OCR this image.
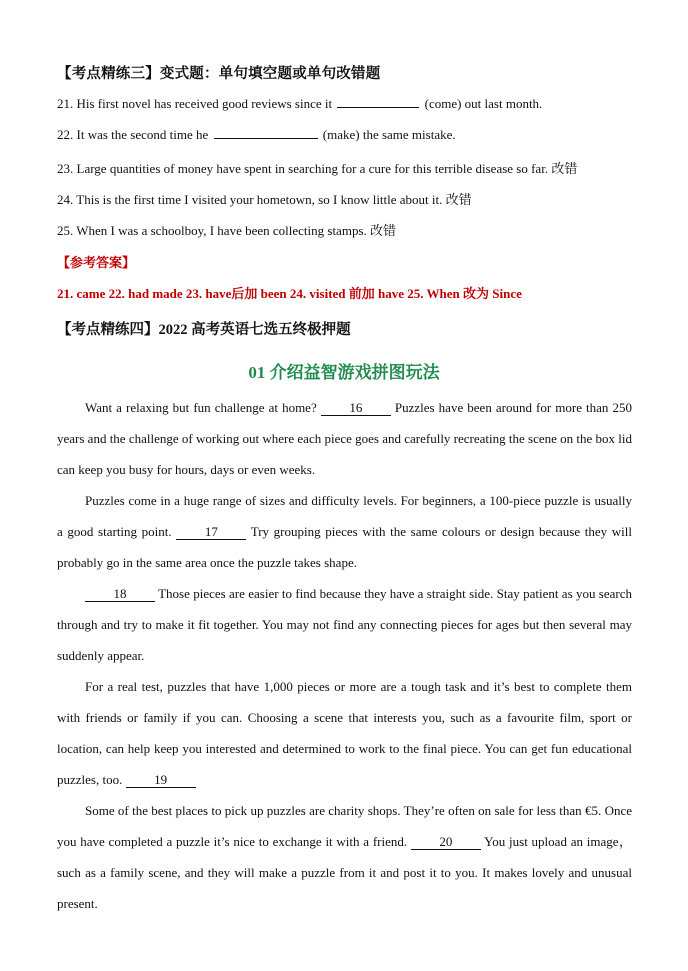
【考点精练三】变式题：单句填空题或单句改错题
21. His first novel has received good reviews since it	(come) out last month.
22. It was the second time he	(make) the same mistake.
23. Large quantities of money have spent in searching for a cure for this terrible disease so far. 改错
24. This is the first time I visited your hometown, so I know little about it. 改错
25. When I was a schoolboy, I have been collecting stamps. 改错
【参考答案】
21. came 22. had made 23. have后加 been 24. visited 前加 have 25. When 改为 Since
【考点精练四】2022 高考英语七选五终极押题
01 介绍益智游戏拼图玩法

Want a relaxing but fun challenge at home?	16	Puzzles have been around for more than 250 years and the challenge of working out where each piece goes and carefully recreating the scene on the box lid can keep you busy for hours, days or even weeks.

Puzzles come in a huge range of sizes and difficulty levels. For beginners, a 100-piece puzzle is usually a good starting point.	17	Try grouping pieces with the same colours or design because they will probably go in the same area once the puzzle takes shape.

18 Those pieces are easier to find because they have a straight side. Stay patient as you search through and try to make it fit together. You may not find any connecting pieces for ages but then several may suddenly appear.

For a real test, puzzles that have 1,000 pieces or more are a tough task and it’s best to complete them with friends or family if you can. Choosing a scene that interests you, such as a favourite film, sport or location, can help keep you interested and determined to work to the final piece. You can get fun educational puzzles, too. 19

Some of the best places to pick up puzzles are charity shops. They’re often on sale for less than €5. Once you have completed a puzzle it’s nice to exchange it with a friend. 20 You just upload an image，such as a family scene, and they will make a puzzle from it and post it to you. It makes lovely and unusual present.
